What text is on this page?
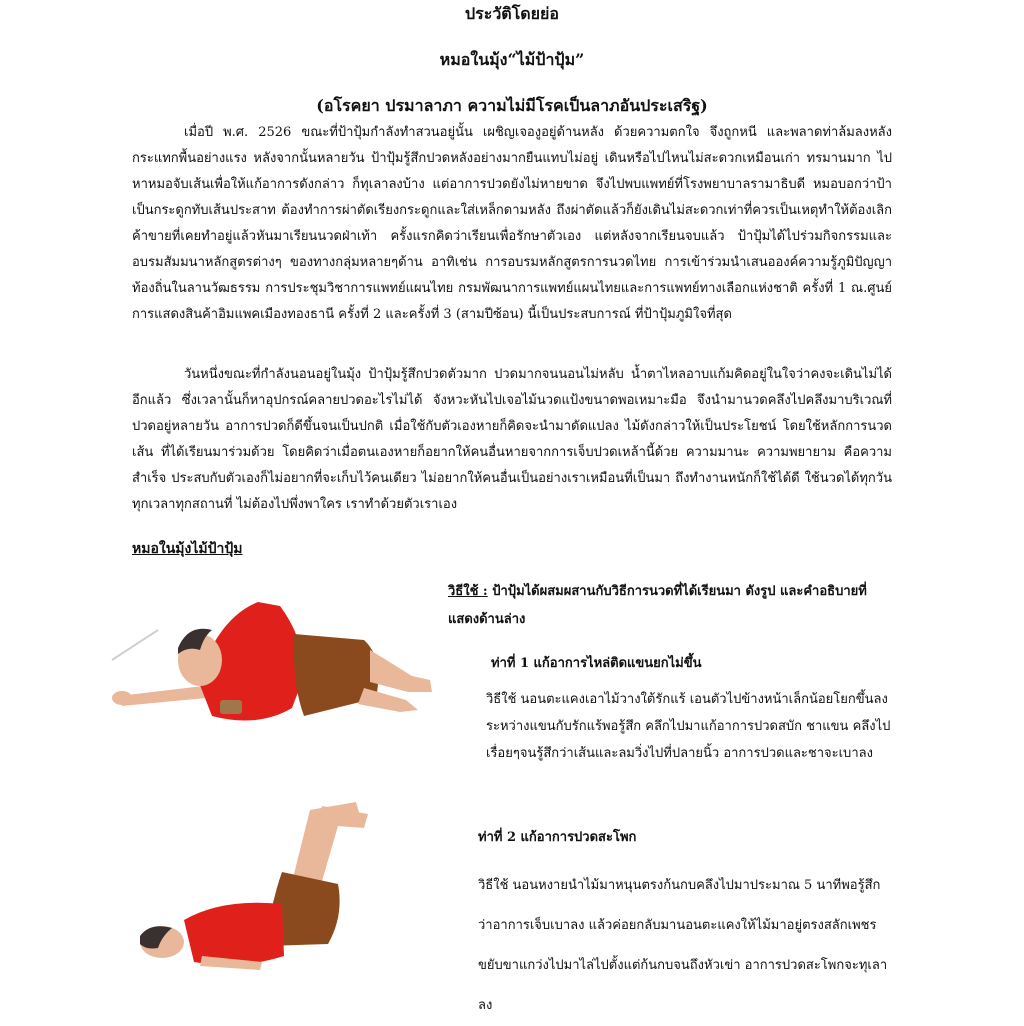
ประวัติโดยย่อ
หมอในมุ้ง“ไม้ป้าปุ้ม”
(อโรคยา ปรมาลาภา ความไม่มีโรคเป็นลาภอันประเสริฐ)

เมื่อปี พ.ศ. 2526 ขณะที่ป้าปุ้มกำลังทำสวนอยู่นั้น เผชิญเจองูอยู่ด้านหลัง ด้วยความตกใจ จึงถูกหนี และพลาดท่าล้มลงหลังกระแทกพื้นอย่างแรง หลังจากนั้นหลายวัน ป้าปุ้มรู้สึกปวดหลังอย่างมากยืนแทบไม่อยู่ เดินหรือไปไหนไม่สะดวกเหมือนเก่า ทรมานมาก ไปหาหมอจับเส้นเพื่อให้แก้อาการดังกล่าว ก็ทุเลาลงบ้าง แต่อาการปวดยังไม่หายขาด จึงไปพบแพทย์ที่โรงพยาบาลรามาธิบดี หมอบอกว่าป้าเป็นกระดูกทับเส้นประสาท ต้องทำการผ่าตัดเรียงกระดูกและใส่เหล็กดามหลัง ถึงผ่าตัดแล้วก็ยังเดินไม่สะดวกเท่าที่ควรเป็นเหตุทำให้ต้องเลิกค้าขายที่เคยทำอยู่แล้วหันมาเรียนนวดฝ่าเท้า ครั้งแรกคิดว่าเรียนเพื่อรักษาตัวเอง แต่หลังจากเรียนจบแล้ว ป้าปุ้มได้ไปร่วมกิจกรรมและอบรมสัมมนาหลักสูตรต่างๆ ของทางกลุ่มหลายๆด้าน อาทิเช่น การอบรมหลักสูตรการนวดไทย การเข้าร่วมนำเสนอองค์ความรู้ภูมิปัญญาท้องถิ่นในลานวัฒธรรม การประชุมวิชาการแพทย์แผนไทย กรมพัฒนาการแพทย์แผนไทยและการแพทย์ทางเลือกแห่งชาติ ครั้งที่ 1 ณ.ศูนย์การแสดงสินค้าอิมแพคเมืองทองธานี ครั้งที่ 2 และครั้งที่ 3 (สามปีซ้อน) นี้เป็นประสบการณ์ ที่ป้าปุ้มภูมิใจที่สุด

วันหนึ่งขณะที่กำลังนอนอยู่ในมุ้ง ป้าปุ้มรู้สึกปวดตัวมาก ปวดมากจนนอนไม่หลับ น้ำตาไหลอาบแก้มคิดอยู่ในใจว่าคงจะเดินไม่ได้อีกแล้ว ซึ่งเวลานั้นก็หาอุปกรณ์คลายปวดอะไรไม่ได้ จังหวะหันไปเจอไม้นวดแป้งขนาดพอเหมาะมือ จึงนำมานวดคลึงไปคลึงมาบริเวณที่ปวดอยู่หลายวัน อาการปวดก็ดีขึ้นจนเป็นปกติ เมื่อใช้กับตัวเองหายก็คิดจะนำมาดัดแปลง ไม้ดังกล่าวให้เป็นประโยชน์ โดยใช้หลักการนวดเส้น ที่ได้เรียนมาร่วมด้วย โดยคิดว่าเมื่อตนเองหายก็อยากให้คนอื่นหายจากการเจ็บปวดเหล้านี้ด้วย ความมานะ ความพยายาม คือความสำเร็จ ประสบกับตัวเองก็ไม่อยากที่จะเก็บไว้คนเดียว ไม่อยากให้คนอื่นเป็นอย่างเราเหมือนที่เป็นมา ถึงทำงานหนักก็ใช้ได้ดี ใช้นวดได้ทุกวันทุกเวลาทุกสถานที่ ไม่ต้องไปพึ่งพาใคร เราทำด้วยตัวเราเอง

หมอในมุ้งไม้ป้าปุ้ม
วิธีใช้ : ป้าปุ้มได้ผสมผสานกับวิธีการนวดที่ได้เรียนมา ดังรูป และคำอธิบายที่แสดงด้านล่าง
ท่าที่ 1 แก้อาการไหล่ติดแขนยกไม่ขึ้น

วิธีใช้ นอนตะแคงเอาไม้วางใต้รักแร้ เอนตัวไปข้างหน้าเล็กน้อยโยกขึ้นลงระหว่างแขนกับรักแร้พอรู้สึก คลึกไปมาแก้อาการปวดสบัก ชาแขน คลึงไปเรื่อยๆจนรู้สึกว่าเส้นและลมวิ่งไปที่ปลายนิ้ว อาการปวดและชาจะเบาลง

ท่าที่ 2 แก้อาการปวดสะโพก

วิธีใช้ นอนหงายนำไม้มาหนุนตรงก้นกบคลึงไปมาประมาณ 5 นาทีพอรู้สึกว่าอาการเจ็บเบาลง แล้วค่อยกลับมานอนตะแคงให้ไม้มาอยู่ตรงสลักเพชร ขยับขาแกว่งไปมาไล่ไปตั้งแต่ก้นกบจนถึงหัวเข่า อาการปวดสะโพกจะทุเลาลง
